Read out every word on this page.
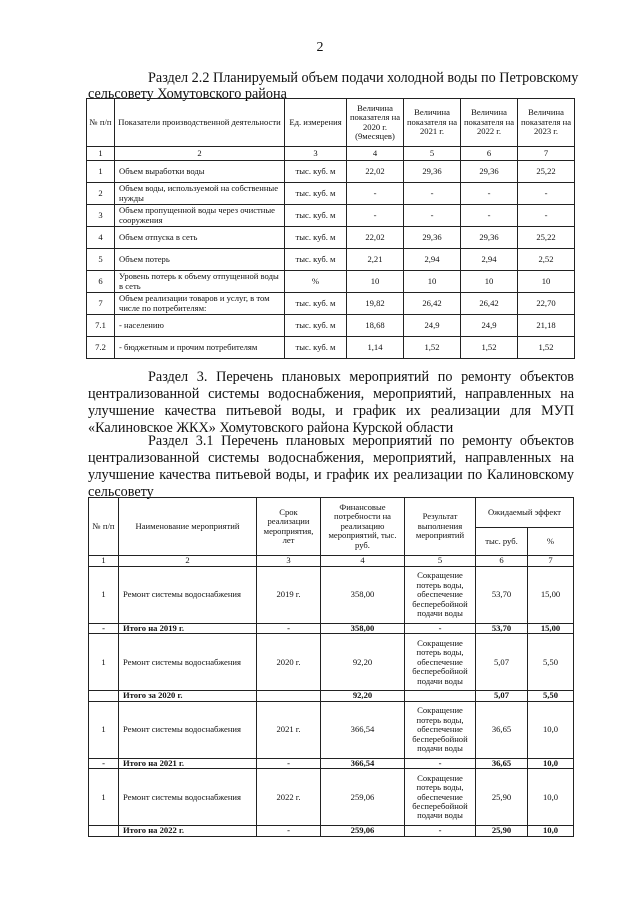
2
Раздел 2.2 Планируемый объем подачи холодной воды по Петровскому
сельсовету Хомутовского района
№ п/п	Показатели производственной деятельности	Ед. измерения	Величина показателя на 2020 г. (9месяцев)	Величина показателя на 2021 г.	Величина показателя на 2022 г.	Величина показателя на 2023 г.
1	2	3	4	5	6	7
1	Объем выработки воды	тыс. куб. м	22,02	29,36	29,36	25,22
2	Объем воды, используемой на собственные нужды	тыс. куб. м	-	-	-	-
3	Объем пропущенной воды через очистные сооружения	тыс. куб. м	-	-	-	-
4	Объем отпуска в сеть	тыс. куб. м	22,02	29,36	29,36	25,22
5	Объем потерь	тыс. куб. м	2,21	2,94	2,94	2,52
6	Уровень потерь к объему отпущенной воды в сеть	%	10	10	10	10
7	Объем реализации товаров и услуг, в том числе по потребителям:	тыс. куб. м	19,82	26,42	26,42	22,70
7.1	- населению	тыс. куб. м	18,68	24,9	24,9	21,18
7.2	- бюджетным и прочим потребителям	тыс. куб. м	1,14	1,52	1,52	1,52
Раздел 3. Перечень плановых мероприятий по ремонту объектов централизованной системы водоснабжения, мероприятий, направленных на улучшение качества питьевой воды, и график их реализации для МУП «Калиновское ЖКХ» Хомутовского района Курской области
Раздел 3.1 Перечень плановых мероприятий по ремонту объектов централизованной системы водоснабжения, мероприятий, направленных на улучшение качества питьевой воды, и график их реализации по Калиновскому сельсовету
№ п/п	Наименование мероприятий	Срок реализации мероприятия, лет	Финансовые потребности на реализацию мероприятий, тыс. руб.	Результат выполнения мероприятий	Ожидаемый эффект	
					тыс. руб.	%
1	2	3	4	5	6	7
1	Ремонт системы водоснабжения	2019 г.	358,00	Сокращение потерь воды, обеспечение бесперебойной подачи воды	53,70	15,00
-	Итого на 2019 г.	-	358,00	-	53,70	15,00
1	Ремонт системы водоснабжения	2020 г.	92,20	Сокращение потерь воды, обеспечение бесперебойной подачи воды	5,07	5,50
	Итого за 2020 г.		92,20		5,07	5,50
1	Ремонт системы водоснабжения	2021 г.	366,54	Сокращение потерь воды, обеспечение бесперебойной подачи воды	36,65	10,0
-	Итого на 2021 г.	-	366,54	-	36,65	10,0
1	Ремонт системы водоснабжения	2022 г.	259,06	Сокращение потерь воды, обеспечение бесперебойной подачи воды	25,90	10,0
	Итого на 2022 г.	-	259,06	-	25,90	10,0
